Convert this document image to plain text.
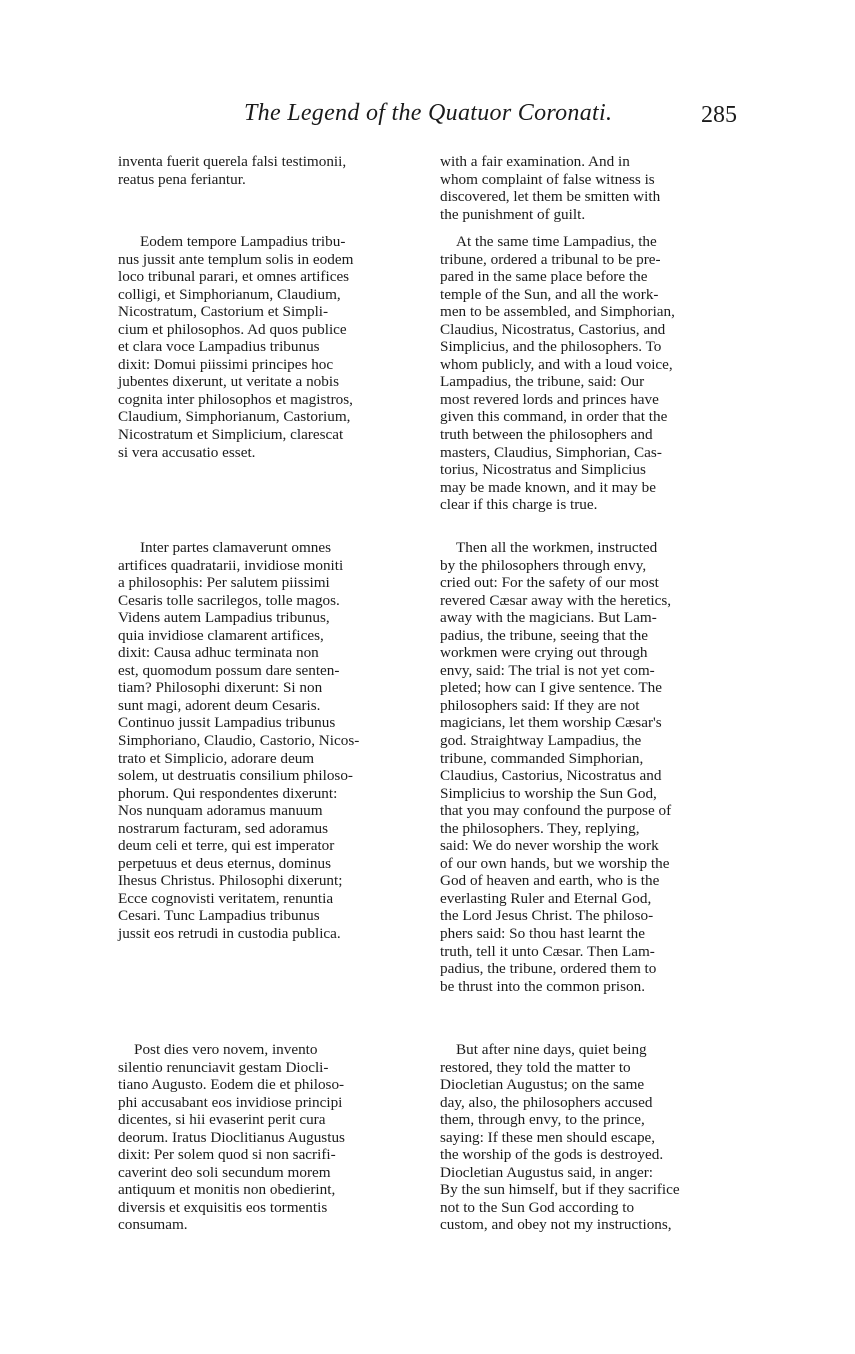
The Legend of the Quatuor Coronati.	285
inventa fuerit querela falsi testimonii,
reatus pena feriantur.
Eodem tempore Lampadius tribu-
nus jussit ante templum solis in eodem
loco tribunal parari, et omnes artifices
colligi, et Simphorianum, Claudium,
Nicostratum, Castorium et Simpli-
cium et philosophos. Ad quos publice
et clara voce Lampadius tribunus
dixit: Domui piissimi principes hoc
jubentes dixerunt, ut veritate a nobis
cognita inter philosophos et magistros,
Claudium, Simphorianum, Castorium,
Nicostratum et Simplicium, clarescat
si vera accusatio esset.
Inter partes clamaverunt omnes
artifices quadratarii, invidiose moniti
a philosophis: Per salutem piissimi
Cesaris tolle sacrilegos, tolle magos.
Videns autem Lampadius tribunus,
quia invidiose clamarent artifices,
dixit: Causa adhuc terminata non
est, quomodum possum dare senten-
tiam? Philosophi dixerunt: Si non
sunt magi, adorent deum Cesaris.
Continuo jussit Lampadius tribunus
Simphoriano, Claudio, Castorio, Nicos-
trato et Simplicio, adorare deum
solem, ut destruatis consilium philoso-
phorum. Qui respondentes dixerunt:
Nos nunquam adoramus manuum
nostrarum facturam, sed adoramus
deum celi et terre, qui est imperator
perpetuus et deus eternus, dominus
Ihesus Christus. Philosophi dixerunt;
Ecce cognovisti veritatem, renuntia
Cesari. Tunc Lampadius tribunus
jussit eos retrudi in custodia publica.
Post dies vero novem, invento
silentio renunciavit gestam Diocli-
tiano Augusto. Eodem die et philoso-
phi accusabant eos invidiose principi
dicentes, si hii evaserint perit cura
deorum. Iratus Dioclitianus Augustus
dixit: Per solem quod si non sacrifi-
caverint deo soli secundum morem
antiquum et monitis non obedierint,
diversis et exquisitis eos tormentis
consumam.
with a fair examination. And in
whom complaint of false witness is
discovered, let them be smitten with
the punishment of guilt.
At the same time Lampadius, the
tribune, ordered a tribunal to be pre-
pared in the same place before the
temple of the Sun, and all the work-
men to be assembled, and Simphorian,
Claudius, Nicostratus, Castorius, and
Simplicius, and the philosophers. To
whom publicly, and with a loud voice,
Lampadius, the tribune, said: Our
most revered lords and princes have
given this command, in order that the
truth between the philosophers and
masters, Claudius, Simphorian, Cas-
torius, Nicostratus and Simplicius
may be made known, and it may be
clear if this charge is true.
Then all the workmen, instructed
by the philosophers through envy,
cried out: For the safety of our most
revered Cæsar away with the heretics,
away with the magicians. But Lam-
padius, the tribune, seeing that the
workmen were crying out through
envy, said: The trial is not yet com-
pleted; how can I give sentence. The
philosophers said: If they are not
magicians, let them worship Cæsar's
god. Straightway Lampadius, the
tribune, commanded Simphorian,
Claudius, Castorius, Nicostratus and
Simplicius to worship the Sun God,
that you may confound the purpose of
the philosophers. They, replying,
said: We do never worship the work
of our own hands, but we worship the
God of heaven and earth, who is the
everlasting Ruler and Eternal God,
the Lord Jesus Christ. The philoso-
phers said: So thou hast learnt the
truth, tell it unto Cæsar. Then Lam-
padius, the tribune, ordered them to
be thrust into the common prison.
But after nine days, quiet being
restored, they told the matter to
Diocletian Augustus; on the same
day, also, the philosophers accused
them, through envy, to the prince,
saying: If these men should escape,
the worship of the gods is destroyed.
Diocletian Augustus said, in anger:
By the sun himself, but if they sacrifice
not to the Sun God according to
custom, and obey not my instructions,
